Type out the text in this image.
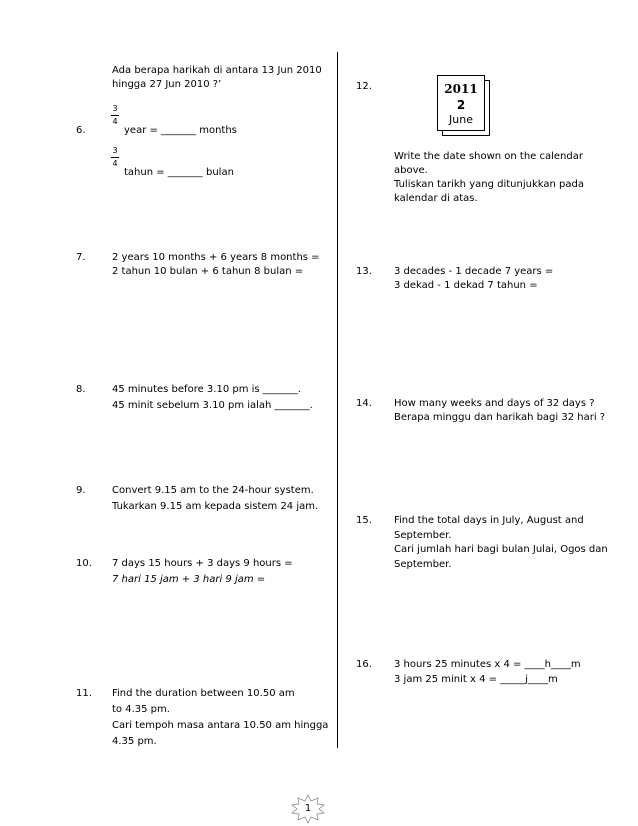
Ada berapa harikah di antara 13 Jun 2010
hingga 27 Jun 2010 ?’
6.
3
4
year = _______ months
3
4
tahun = _______ bulan
7.	2 years 10 months + 6 years 8 months =
2 tahun 10 bulan + 6 tahun 8 bulan =
8.	45 minutes before 3.10 pm is _______.
45 minit sebelum 3.10 pm ialah _______.
9.	Convert 9.15 am to the 24-hour system.
Tukarkan 9.15 am kepada sistem 24 jam.
10. 7 days 15 hours + 3 days 9 hours =
7 hari 15 jam + 3 hari 9 jam =
11. Find the duration between 10.50 am
to 4.35 pm.
Cari tempoh masa antara 10.50 am hingga
4.35 pm.
12.	2011
2
June
Write the date shown on the calendar
above.
Tuliskan tarikh yang ditunjukkan pada
kalendar di atas.
13. 3 decades - 1 decade 7 years =
3 dekad - 1 dekad 7 tahun =
14. How many weeks and days of 32 days ?
Berapa minggu dan harikah bagi 32 hari ?
15. Find the total days in July, August and
September.
Cari jumlah hari bagi bulan Julai, Ogos dan
September.
16. 3 hours 25 minutes x 4 = ____h____m
3 jam 25 minit x 4 = _____j____m
1
